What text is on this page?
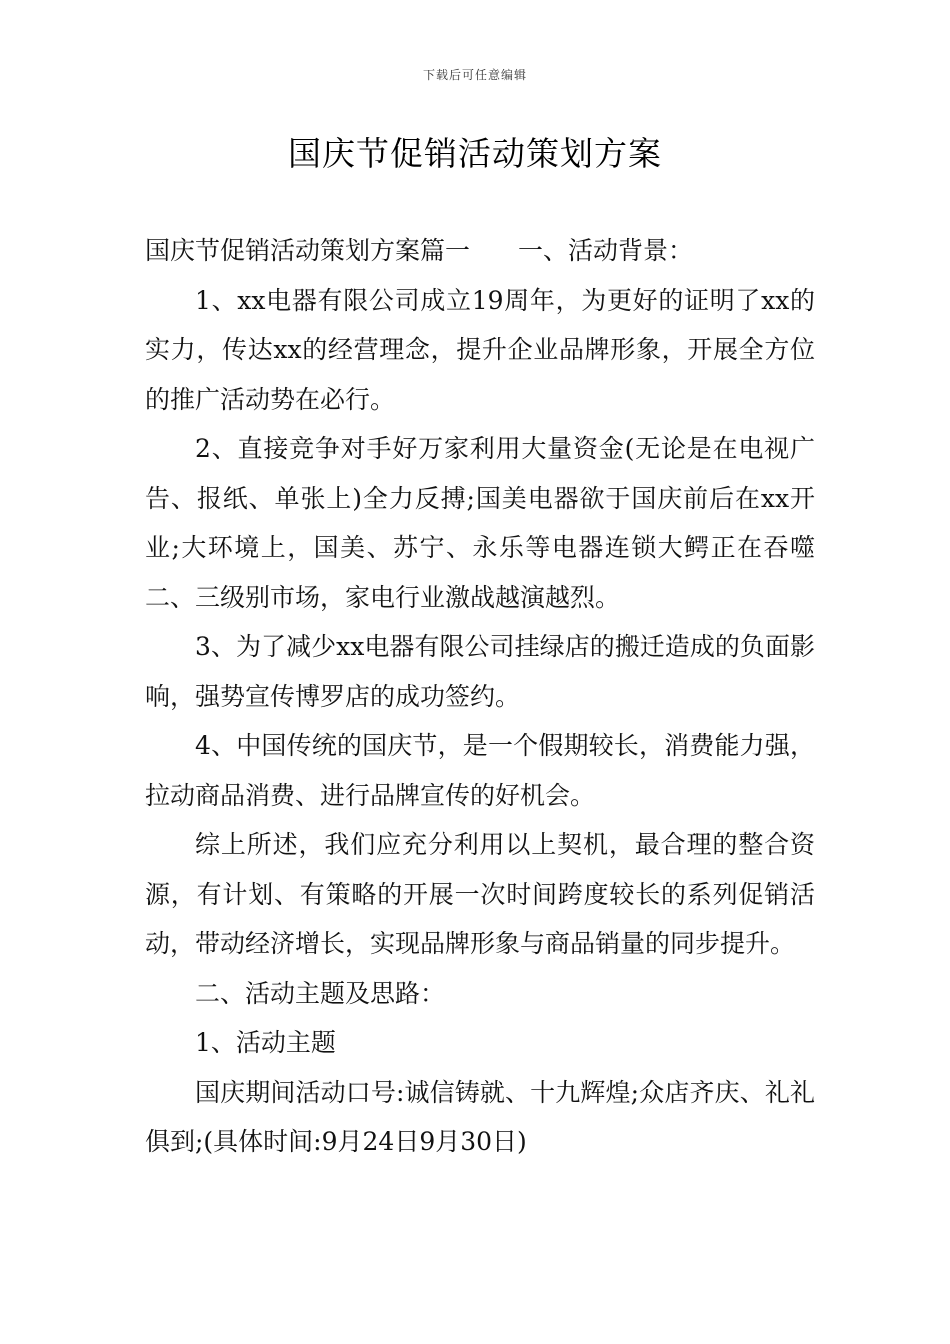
下载后可任意编辑
国庆节促销活动策划方案

国庆节促销活动策划方案篇一 一、活动背景：

1、xx电器有限公司成立19周年，为更好的证明了xx的实力，传达xx的经营理念，提升企业品牌形象，开展全方位的推广活动势在必行。

2、直接竞争对手好万家利用大量资金(无论是在电视广告、报纸、单张上)全力反搏;国美电器欲于国庆前后在xx开业;大环境上，国美、苏宁、永乐等电器连锁大鳄正在吞噬二、三级别市场，家电行业激战越演越烈。

3、为了减少xx电器有限公司挂绿店的搬迁造成的负面影响，强势宣传博罗店的成功签约。

4、中国传统的国庆节，是一个假期较长，消费能力强，拉动商品消费、进行品牌宣传的好机会。

综上所述，我们应充分利用以上契机，最合理的整合资源，有计划、有策略的开展一次时间跨度较长的系列促销活动，带动经济增长，实现品牌形象与商品销量的同步提升。

二、活动主题及思路：

1、活动主题

国庆期间活动口号:诚信铸就、十九辉煌;众店齐庆、礼礼俱到;(具体时间:9月24日9月30日)
